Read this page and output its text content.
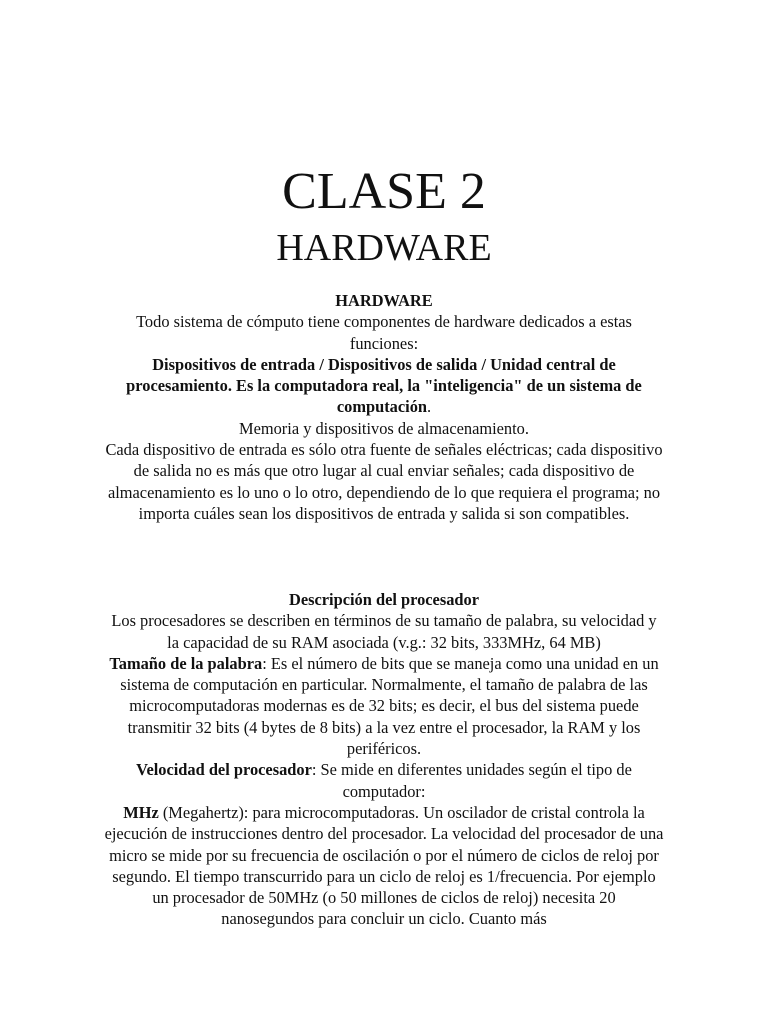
CLASE 2
HARDWARE

HARDWARE

Todo sistema de cómputo tiene componentes de hardware dedicados a estas funciones:

Dispositivos de entrada / Dispositivos de salida / Unidad central de procesamiento. Es la computadora real, la "inteligencia" de un sistema de computación.

Memoria y dispositivos de almacenamiento.

Cada dispositivo de entrada es sólo otra fuente de señales eléctricas; cada dispositivo de salida no es más que otro lugar al cual enviar señales; cada dispositivo de almacenamiento es lo uno o lo otro, dependiendo de lo que requiera el programa; no importa cuáles sean los dispositivos de entrada y salida si son compatibles.

Descripción del procesador

Los procesadores se describen en términos de su tamaño de palabra, su velocidad y la capacidad de su RAM asociada (v.g.: 32 bits, 333MHz, 64 MB)

Tamaño de la palabra: Es el número de bits que se maneja como una unidad en un sistema de computación en particular. Normalmente, el tamaño de palabra de las microcomputadoras modernas es de 32 bits; es decir, el bus del sistema puede transmitir 32 bits (4 bytes de 8 bits) a la vez entre el procesador, la RAM y los periféricos.

Velocidad del procesador: Se mide en diferentes unidades según el tipo de computador:

MHz (Megahertz): para microcomputadoras. Un oscilador de cristal controla la ejecución de instrucciones dentro del procesador. La velocidad del procesador de una micro se mide por su frecuencia de oscilación o por el número de ciclos de reloj por segundo. El tiempo transcurrido para un ciclo de reloj es 1/frecuencia. Por ejemplo un procesador de 50MHz (o 50 millones de ciclos de reloj) necesita 20 nanosegundos para concluir un ciclo. Cuanto más
